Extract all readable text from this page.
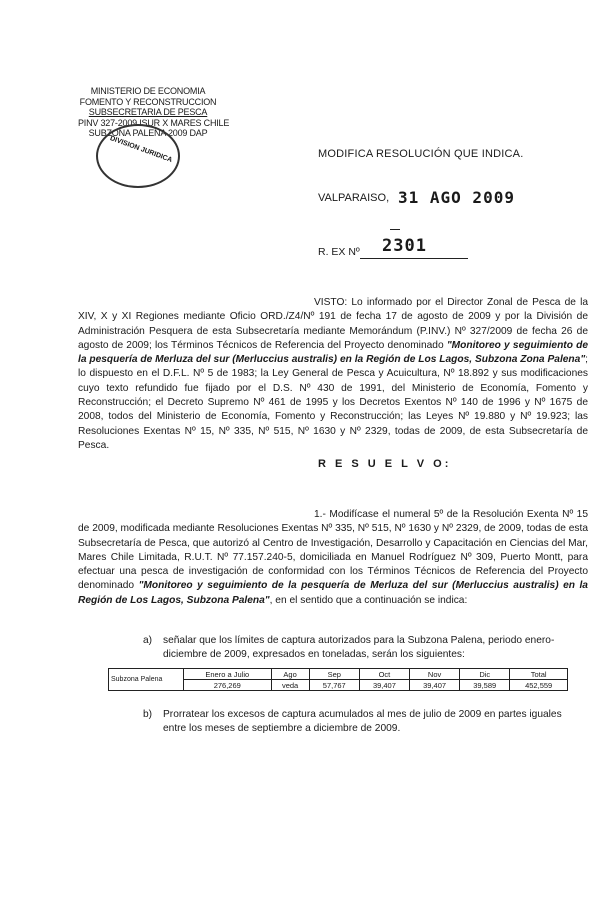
MINISTERIO DE ECONOMIA
FOMENTO Y RECONSTRUCCION
SUBSECRETARIA DE PESCA
PINV 327-2009 ISUR X MARES CHILE
SUBZONA PALENA 2009 DAP
DIVISION JURIDICA	MODIFICA RESOLUCIÓN QUE INDICA.
VALPARAISO, 31 AGO 2009
R. EX Nº 2301
VISTO: Lo informado por el Director Zonal de Pesca de la XIV, X y XI Regiones mediante Oficio ORD./Z4/Nº 191 de fecha 17 de agosto de 2009 y por la División de Administración Pesquera de esta Subsecretaría mediante Memorándum (P.INV.) Nº 327/2009 de fecha 26 de agosto de 2009; los Términos Técnicos de Referencia del Proyecto denominado "Monitoreo y seguimiento de la pesquería de Merluza del sur (Merluccius australis) en la Región de Los Lagos, Subzona Zona Palena"; lo dispuesto en el D.F.L. Nº 5 de 1983; la Ley General de Pesca y Acuicultura, Nº 18.892 y sus modificaciones cuyo texto refundido fue fijado por el D.S. Nº 430 de 1991, del Ministerio de Economía, Fomento y Reconstrucción; el Decreto Supremo Nº 461 de 1995 y los Decretos Exentos Nº 140 de 1996 y Nº 1675 de 2008, todos del Ministerio de Economía, Fomento y Reconstrucción; las Leyes Nº 19.880 y Nº 19.923; las Resoluciones Exentas Nº 15, Nº 335, Nº 515, Nº 1630 y Nº 2329, todas de 2009, de esta Subsecretaría de Pesca.
R E S U E L V O:
1.- Modifícase el numeral 5º de la Resolución Exenta Nº 15 de 2009, modificada mediante Resoluciones Exentas Nº 335, Nº 515, Nº 1630 y Nº 2329, de 2009, todas de esta Subsecretaría de Pesca, que autorizó al Centro de Investigación, Desarrollo y Capacitación en Ciencias del Mar, Mares Chile Limitada, R.U.T. Nº 77.157.240-5, domiciliada en Manuel Rodríguez Nº 309, Puerto Montt, para efectuar una pesca de investigación de conformidad con los Términos Técnicos de Referencia del Proyecto denominado "Monitoreo y seguimiento de la pesquería de Merluza del sur (Merluccius australis) en la Región de Los Lagos, Subzona Palena", en el sentido que a continuación se indica:
a) señalar que los límites de captura autorizados para la Subzona Palena, periodo enero-diciembre de 2009, expresados en toneladas, serán los siguientes:
Subzona Palena	Enero a Julio	Ago	Sep	Oct	Nov	Dic	Total
	276,269	veda	57,767	39,407	39,407	39,589	452,559
b) Prorratear los excesos de captura acumulados al mes de julio de 2009 en partes iguales entre los meses de septiembre a diciembre de 2009.
